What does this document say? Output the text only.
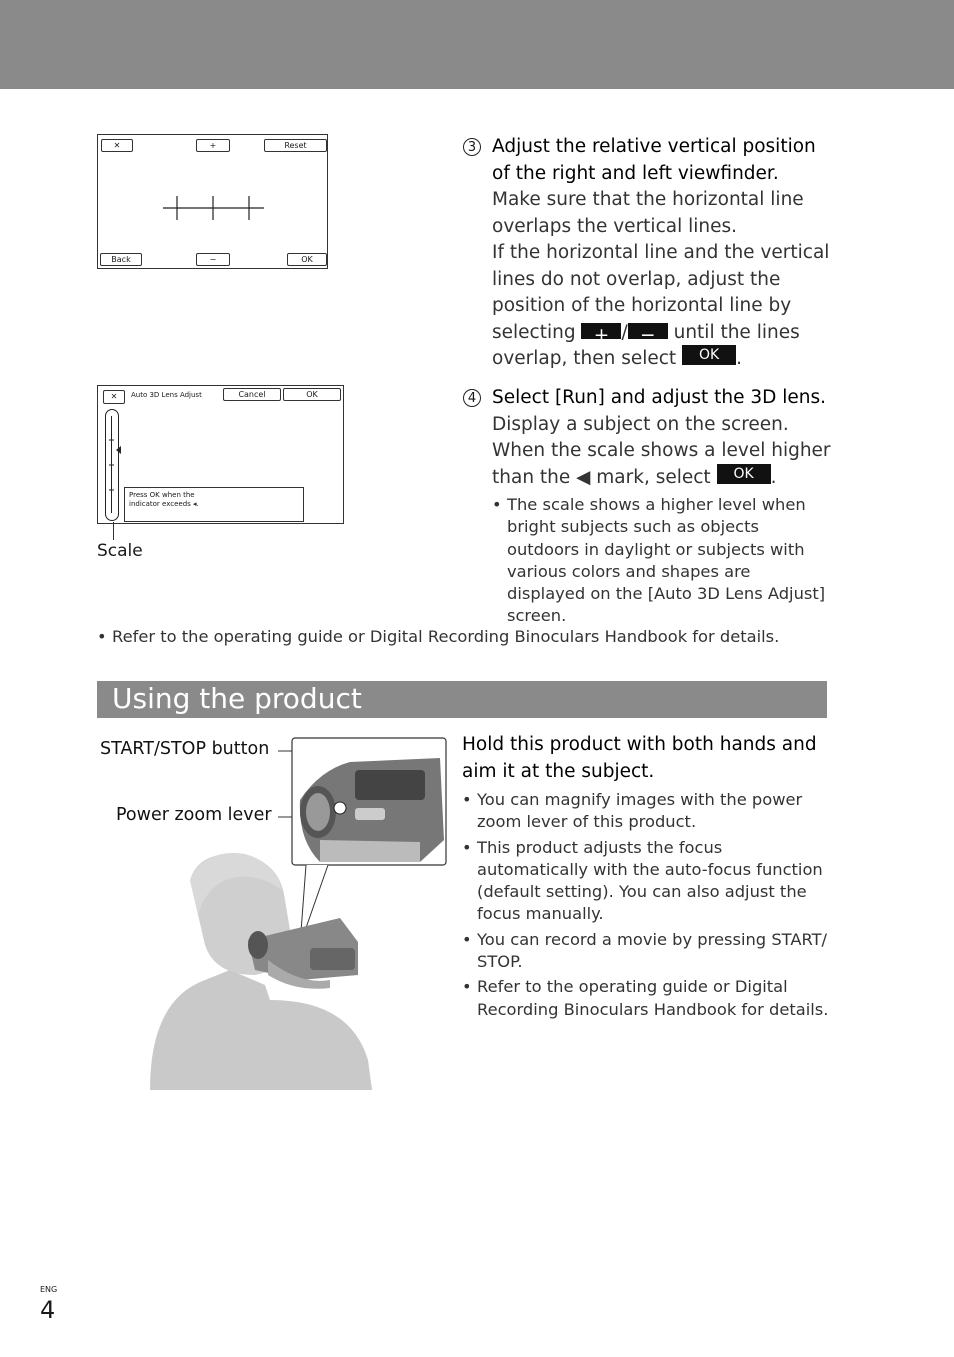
✕	+	Reset
Back	−	OK
✕	Auto 3D Lens Adjust	Cancel	OK
Press OK when the
indicator exceeds ◂.
Scale
3 Adjust the relative vertical position of the right and left viewfinder.
Make sure that the horizontal line overlaps the vertical lines.
If the horizontal line and the vertical lines do not overlap, adjust the position of the horizontal line by selecting + / − until the lines overlap, then select OK .
4 Select [Run] and adjust the 3D lens.
Display a subject on the screen.
When the scale shows a level higher than the ◀ mark, select OK .
• The scale shows a higher level when bright subjects such as objects outdoors in daylight or subjects with various colors and shapes are displayed on the [Auto 3D Lens Adjust] screen.
• Refer to the operating guide or Digital Recording Binoculars Handbook for details.
Using the product
START/STOP button
Power zoom lever
Hold this product with both hands and aim it at the subject.
• You can magnify images with the power zoom lever of this product.
• This product adjusts the focus automatically with the auto-focus function (default setting). You can also adjust the focus manually.
• You can record a movie by pressing START/ STOP.
• Refer to the operating guide or Digital Recording Binoculars Handbook for details.
ENG
4
